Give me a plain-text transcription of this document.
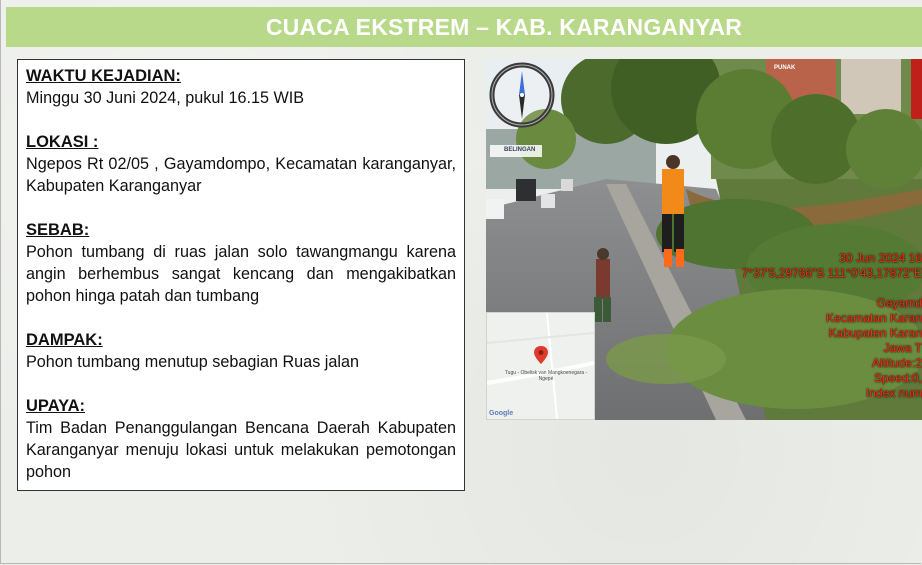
CUACA EKSTREM – KAB. KARANGANYAR
WAKTU KEJADIAN:
Minggu 30 Juni 2024, pukul 16.15 WIB
LOKASI :
Ngepos Rt 02/05 , Gayamdompo, Kecamatan karanganyar, Kabupaten Karanganyar
SEBAB:
Pohon tumbang di ruas jalan solo tawangmangu karena angin berhembus sangat kencang dan mengakibatkan pohon hinga patah dan tumbang
DAMPAK:
Pohon tumbang menutup sebagian Ruas jalan
UPAYA:
Tim Badan Penanggulangan Bencana Daerah Kabupaten Karanganyar menuju lokasi untuk melakukan pemotongan pohon
BELINGAN
PUNAK
Tugu - Obelisk van Mangkoenegara - Ngepé
Google
30 Jun 2024 16
7°37'5,29766"S 111°0'43,17872"E
Gayamd
Kecamatan Karan
Kabupaten Karan
Jawa T
Altitude:2
Speed:0,
Index num
